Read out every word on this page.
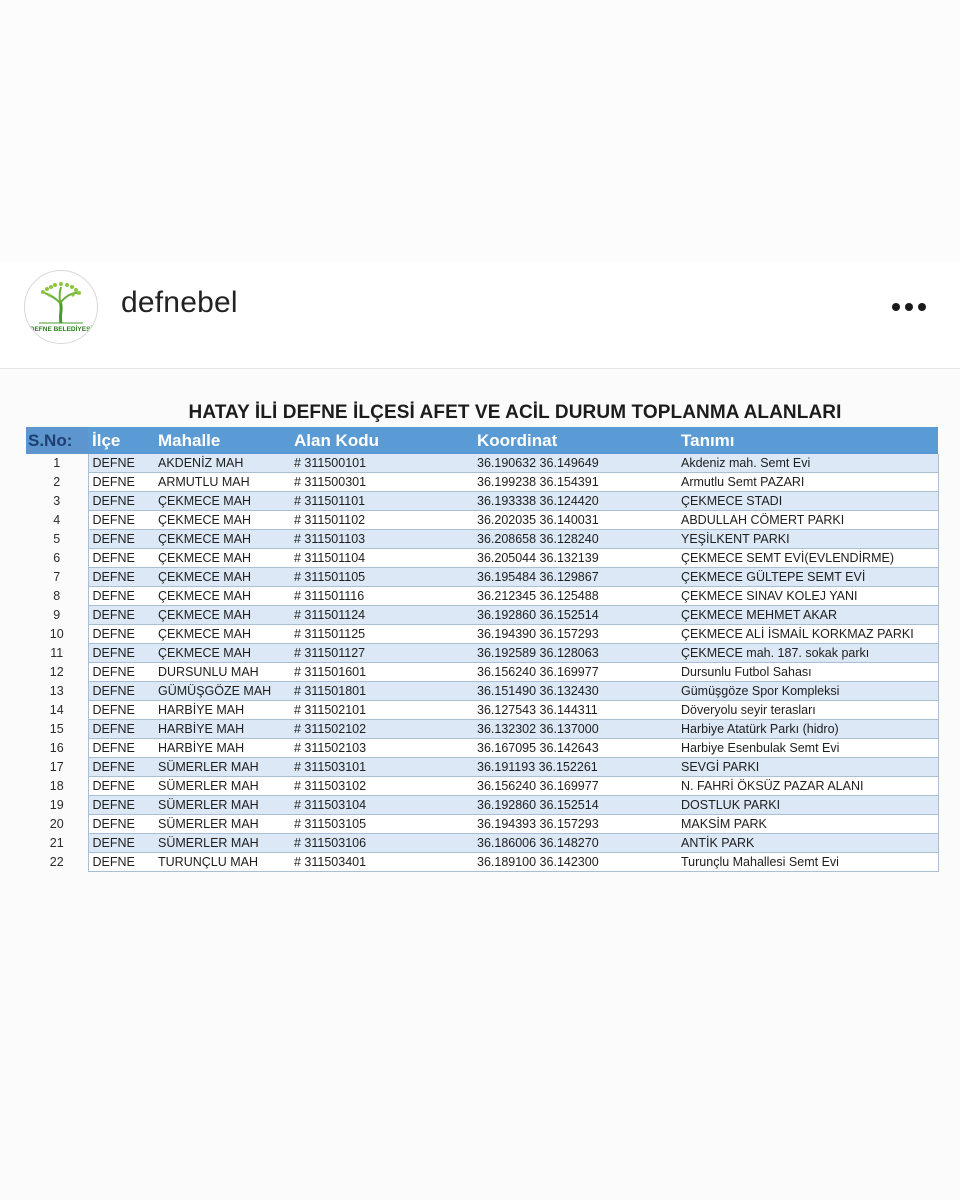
DEFNE BELEDİYESİ
defnebel
HATAY İLİ DEFNE İLÇESİ AFET VE ACİL DURUM TOPLANMA ALANLARI
S.No:	İlçe	Mahalle	Alan Kodu	Koordinat	Tanımı
1	DEFNE	AKDENİZ MAH	# 311500101	36.190632 36.149649	Akdeniz mah. Semt Evi
2	DEFNE	ARMUTLU MAH	# 311500301	36.199238 36.154391	Armutlu Semt PAZARI
3	DEFNE	ÇEKMECE MAH	# 311501101	36.193338 36.124420	ÇEKMECE STADI
4	DEFNE	ÇEKMECE MAH	# 311501102	36.202035 36.140031	ABDULLAH CÖMERT PARKI
5	DEFNE	ÇEKMECE MAH	# 311501103	36.208658 36.128240	YEŞİLKENT PARKI
6	DEFNE	ÇEKMECE MAH	# 311501104	36.205044 36.132139	ÇEKMECE SEMT EVİ(EVLENDİRME)
7	DEFNE	ÇEKMECE MAH	# 311501105	36.195484 36.129867	ÇEKMECE GÜLTEPE SEMT EVİ
8	DEFNE	ÇEKMECE MAH	# 311501116	36.212345 36.125488	ÇEKMECE SINAV KOLEJ YANI
9	DEFNE	ÇEKMECE MAH	# 311501124	36.192860 36.152514	ÇEKMECE MEHMET AKAR
10	DEFNE	ÇEKMECE MAH	# 311501125	36.194390 36.157293	ÇEKMECE ALİ İSMAİL KORKMAZ PARKI
11	DEFNE	ÇEKMECE MAH	# 311501127	36.192589 36.128063	ÇEKMECE mah. 187. sokak parkı
12	DEFNE	DURSUNLU MAH	# 311501601	36.156240 36.169977	Dursunlu Futbol Sahası
13	DEFNE	GÜMÜŞGÖZE MAH	# 311501801	36.151490 36.132430	Gümüşgöze Spor Kompleksi
14	DEFNE	HARBİYE MAH	# 311502101	36.127543 36.144311	Döveryolu seyir terasları
15	DEFNE	HARBİYE MAH	# 311502102	36.132302 36.137000	Harbiye Atatürk Parkı (hidro)
16	DEFNE	HARBİYE MAH	# 311502103	36.167095 36.142643	Harbiye Esenbulak Semt Evi
17	DEFNE	SÜMERLER MAH	# 311503101	36.191193 36.152261	SEVGİ PARKI
18	DEFNE	SÜMERLER MAH	# 311503102	36.156240 36.169977	N. FAHRİ ÖKSÜZ PAZAR ALANI
19	DEFNE	SÜMERLER MAH	# 311503104	36.192860 36.152514	DOSTLUK PARKI
20	DEFNE	SÜMERLER MAH	# 311503105	36.194393 36.157293	MAKSİM PARK
21	DEFNE	SÜMERLER MAH	# 311503106	36.186006 36.148270	ANTİK PARK
22	DEFNE	TURUNÇLU MAH	# 311503401	36.189100 36.142300	Turunçlu Mahallesi Semt Evi
